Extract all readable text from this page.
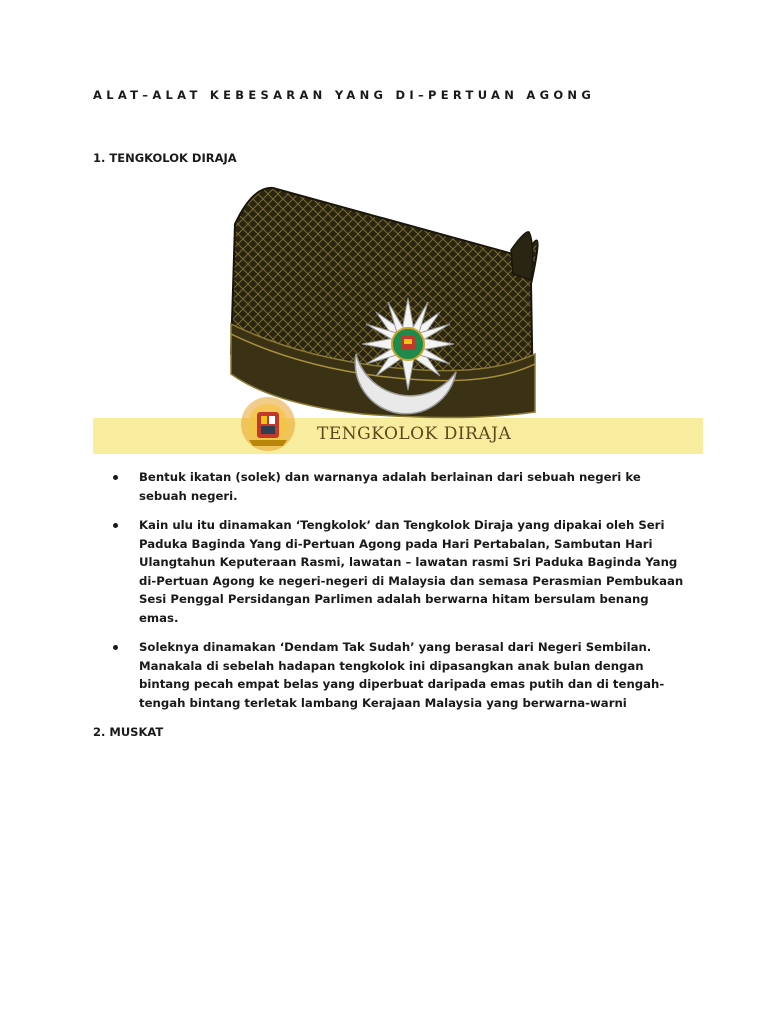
ALAT–ALAT KEBESARAN YANG DI–PERTUAN AGONG
1. TENGKOLOK DIRAJA
TENGKOLOK DIRAJA
Bentuk ikatan (solek) dan warnanya adalah berlainan dari sebuah negeri ke sebuah negeri.
Kain ulu itu dinamakan ‘Tengkolok’ dan Tengkolok Diraja yang dipakai oleh Seri Paduka Baginda Yang di-Pertuan Agong pada Hari Pertabalan, Sambutan Hari Ulangtahun Keputeraan Rasmi, lawatan – lawatan rasmi Sri Paduka Baginda Yang di-Pertuan Agong ke negeri-negeri di Malaysia dan semasa Perasmian Pembukaan Sesi Penggal Persidangan Parlimen adalah berwarna hitam bersulam benang emas.
Soleknya dinamakan ‘Dendam Tak Sudah’ yang berasal dari Negeri Sembilan. Manakala di sebelah hadapan tengkolok ini dipasangkan anak bulan dengan bintang pecah empat belas yang diperbuat daripada emas putih dan di tengah-tengah bintang terletak lambang Kerajaan Malaysia yang berwarna-warni
2. MUSKAT
